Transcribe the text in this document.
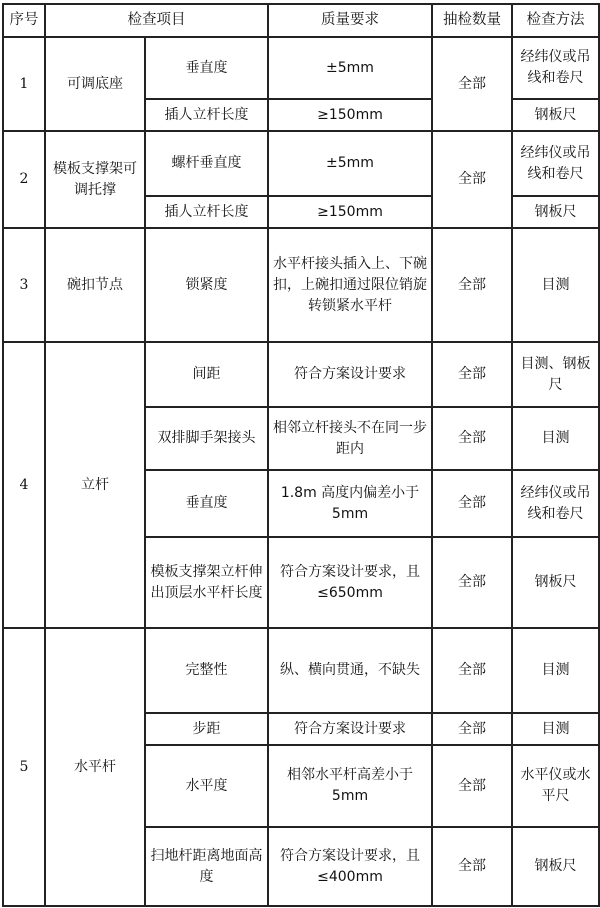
序号	检查项目		质量要求	抽检数量	检查方法
1	可调底座	垂直度	±5mm	全部	经纬仪或吊线和卷尺
		插人立杆长度	≥150mm		钢板尺
2	模板支撑架可调托撑	螺杆垂直度	±5mm	全部	经纬仪或吊线和卷尺
		插人立杆长度	≥150mm		钢板尺
3	碗扣节点	锁紧度	水平杆接头插入上、下碗扣，上碗扣通过限位销旋转锁紧水平杆	全部	目测
4	立杆	间距	符合方案设计要求	全部	目测、钢板尺
		双排脚手架接头	相邻立杆接头不在同一步距内	全部	目测
		垂直度	1.8m 高度内偏差小于 5mm	全部	经纬仪或吊线和卷尺
		模板支撑架立杆伸出顶层水平杆长度	符合方案设计要求，且≤650mm	全部	钢板尺
5	水平杆	完整性	纵、横向贯通，不缺失	全部	目测
		步距	符合方案设计要求	全部	目测
		水平度	相邻水平杆高差小于 5mm	全部	水平仪或水平尺
		扫地杆距离地面高度	符合方案设计要求，且≤400mm	全部	钢板尺
